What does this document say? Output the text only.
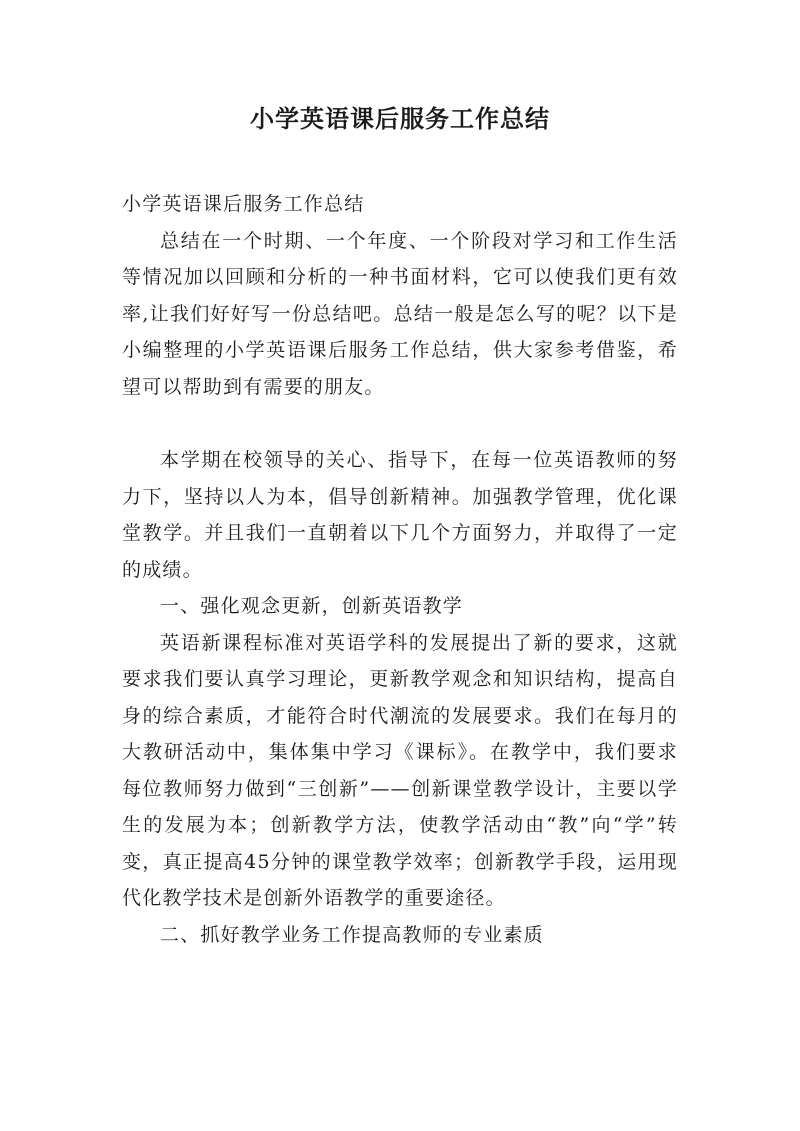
小学英语课后服务工作总结

小学英语课后服务工作总结

总结在一个时期、一个年度、一个阶段对学习和工作生活等情况加以回顾和分析的一种书面材料，它可以使我们更有效率,让我们好好写一份总结吧。总结一般是怎么写的呢？以下是小编整理的小学英语课后服务工作总结，供大家参考借鉴，希望可以帮助到有需要的朋友。

本学期在校领导的关心、指导下，在每一位英语教师的努力下，坚持以人为本，倡导创新精神。加强教学管理，优化课堂教学。并且我们一直朝着以下几个方面努力，并取得了一定的成绩。

一、强化观念更新，创新英语教学

英语新课程标准对英语学科的发展提出了新的要求，这就要求我们要认真学习理论，更新教学观念和知识结构，提高自身的综合素质，才能符合时代潮流的发展要求。我们在每月的大教研活动中，集体集中学习《课标》。在教学中，我们要求每位教师努力做到“三创新”——创新课堂教学设计，主要以学生的发展为本；创新教学方法，使教学活动由“教”向“学”转变，真正提高45分钟的课堂教学效率；创新教学手段，运用现代化教学技术是创新外语教学的重要途径。

二、抓好教学业务工作提高教师的专业素质
